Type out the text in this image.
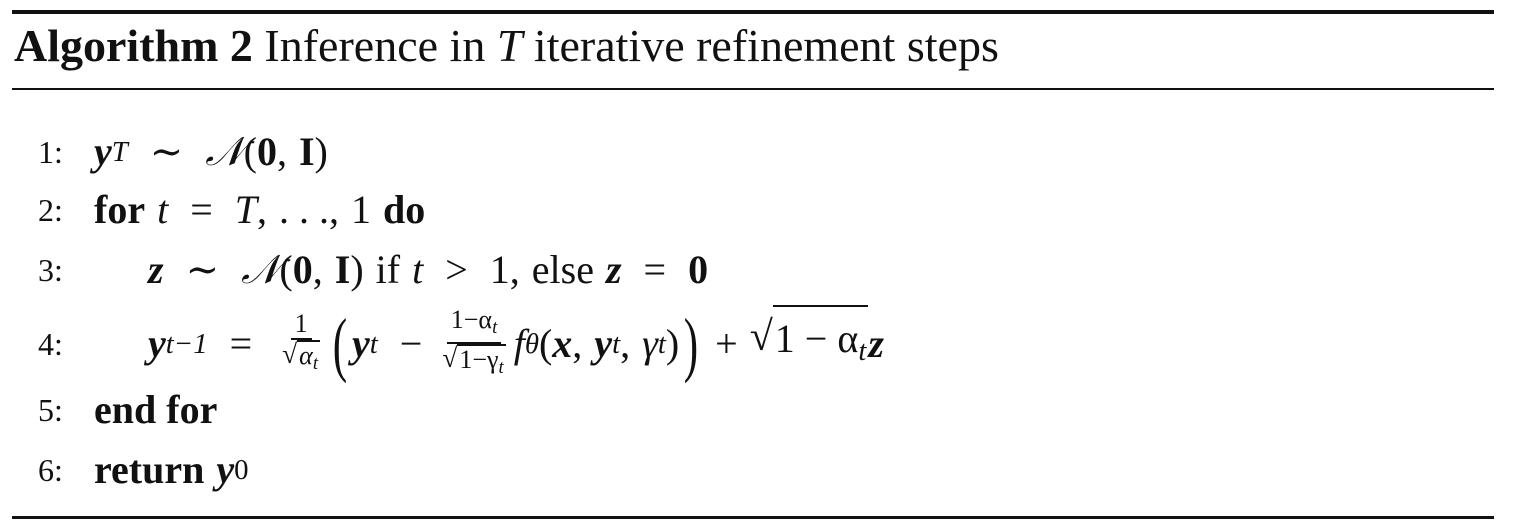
Algorithm 2 Inference in T iterative refinement steps
1: y T ∼ 𝒩 ( 0 , I )
2: for t = T , . . . , 1 do
3:	z ∼ 𝒩 ( 0 , I ) if t > 1 , else z = 0
4:	y $t-1 = \frac{1}{√ \alpha_t}$ ( y $t - \frac{1-\alpha_t}{√ 1-\gamma_t}$ f θ ( x , y t , γ t ) ) + √ $1 - \alpha_t$ z
5: end for
6: return y 0
